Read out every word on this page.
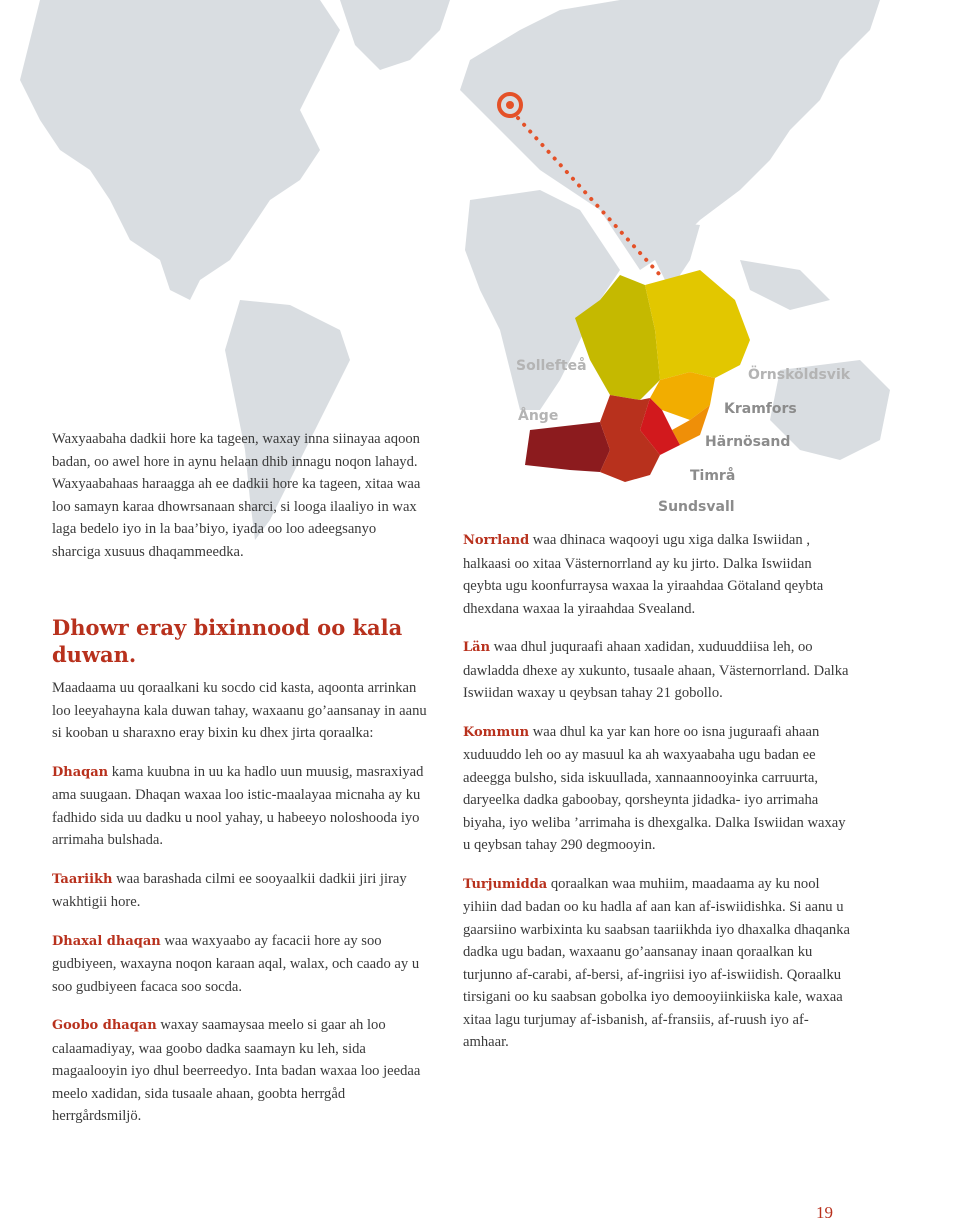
Sollefteå
Örnsköldsvik
Ånge	Kramfors
Härnösand
Timrå
Sundsvall

Waxyaabaha dadkii hore ka tageen, waxay inna siinayaa aqoon badan, oo awel hore in aynu helaan dhib innagu noqon lahayd. Waxyaabahaas haraagga ah ee dadkii hore ka tageen, xitaa waa loo samayn karaa dhowrsanaan sharci, si looga ilaaliyo in wax laga bedelo iyo in la baa’biyo, iyada oo loo adeegsanyo sharciga xusuus dhaqammeedka.

Dhowr eray bixinnood oo kala duwan.

Maadaama uu qoraalkani ku socdo cid kasta, aqoonta arrinkan loo leeyahayna kala duwan tahay, waxaanu go’aansanay in aanu si kooban u sharaxno eray bixin ku dhex jirta qoraalka:

Dhaqan kama kuubna in uu ka hadlo uun muusig, masraxiyad ama suugaan. Dhaqan waxaa loo istic-maalayaa micnaha ay ku fadhido sida uu dadku u nool yahay, u habeeyo noloshooda iyo arrimaha bulshada.

Taariikh waa barashada cilmi ee sooyaalkii dadkii jiri jiray wakhtigii hore.

Dhaxal dhaqan waa waxyaabo ay facacii hore ay soo gudbiyeen, waxayna noqon karaan aqal, walax, och caado ay u soo gudbiyeen facaca soo socda.

Goobo dhaqan waxay saamaysaa meelo si gaar ah loo calaamadiyay, waa goobo dadka saamayn ku leh, sida magaalooyin iyo dhul beerreedyo. Inta badan waxaa loo jeedaa meelo xadidan, sida tusaale ahaan, goobta herrgåd herrgårdsmiljö.

Norrland waa dhinaca waqooyi ugu xiga dalka Iswiidan , halkaasi oo xitaa Västernorrland ay ku jirto. Dalka Iswiidan qeybta ugu koonfurraysa waxaa la yiraahdaa Götaland qeybta dhexdana waxaa la yiraahdaa Svealand.

Län waa dhul juquraafi ahaan xadidan, xuduuddiisa leh, oo dawladda dhexe ay xukunto, tusaale ahaan, Västernorrland. Dalka Iswiidan waxay u qeybsan tahay 21 gobollo.

Kommun waa dhul ka yar kan hore oo isna juguraafi ahaan xuduuddo leh oo ay masuul ka ah waxyaabaha ugu badan ee adeegga bulsho, sida iskuullada, xannaannooyinka carruurta, daryeelka dadka gaboobay, qorsheynta jidadka- iyo arrimaha biyaha, iyo weliba ’arrimaha is dhexgalka. Dalka Iswiidan waxay u qeybsan tahay 290 degmooyin.

Turjumidda qoraalkan waa muhiim, maadaama ay ku nool yihiin dad badan oo ku hadla af aan kan af-iswiidishka. Si aanu u gaarsiino warbixinta ku saabsan taariikhda iyo dhaxalka dhaqanka dadka ugu badan, waxaanu go’aansanay inaan qoraalkan ku turjunno af-carabi, af-bersi, af-ingriisi iyo af-iswiidish. Qoraalku tirsigani oo ku saabsan gobolka iyo demooyiinkiiska kale, waxaa xitaa lagu turjumay af-isbanish, af-fransiis, af-ruush iyo af-amhaar.

19
